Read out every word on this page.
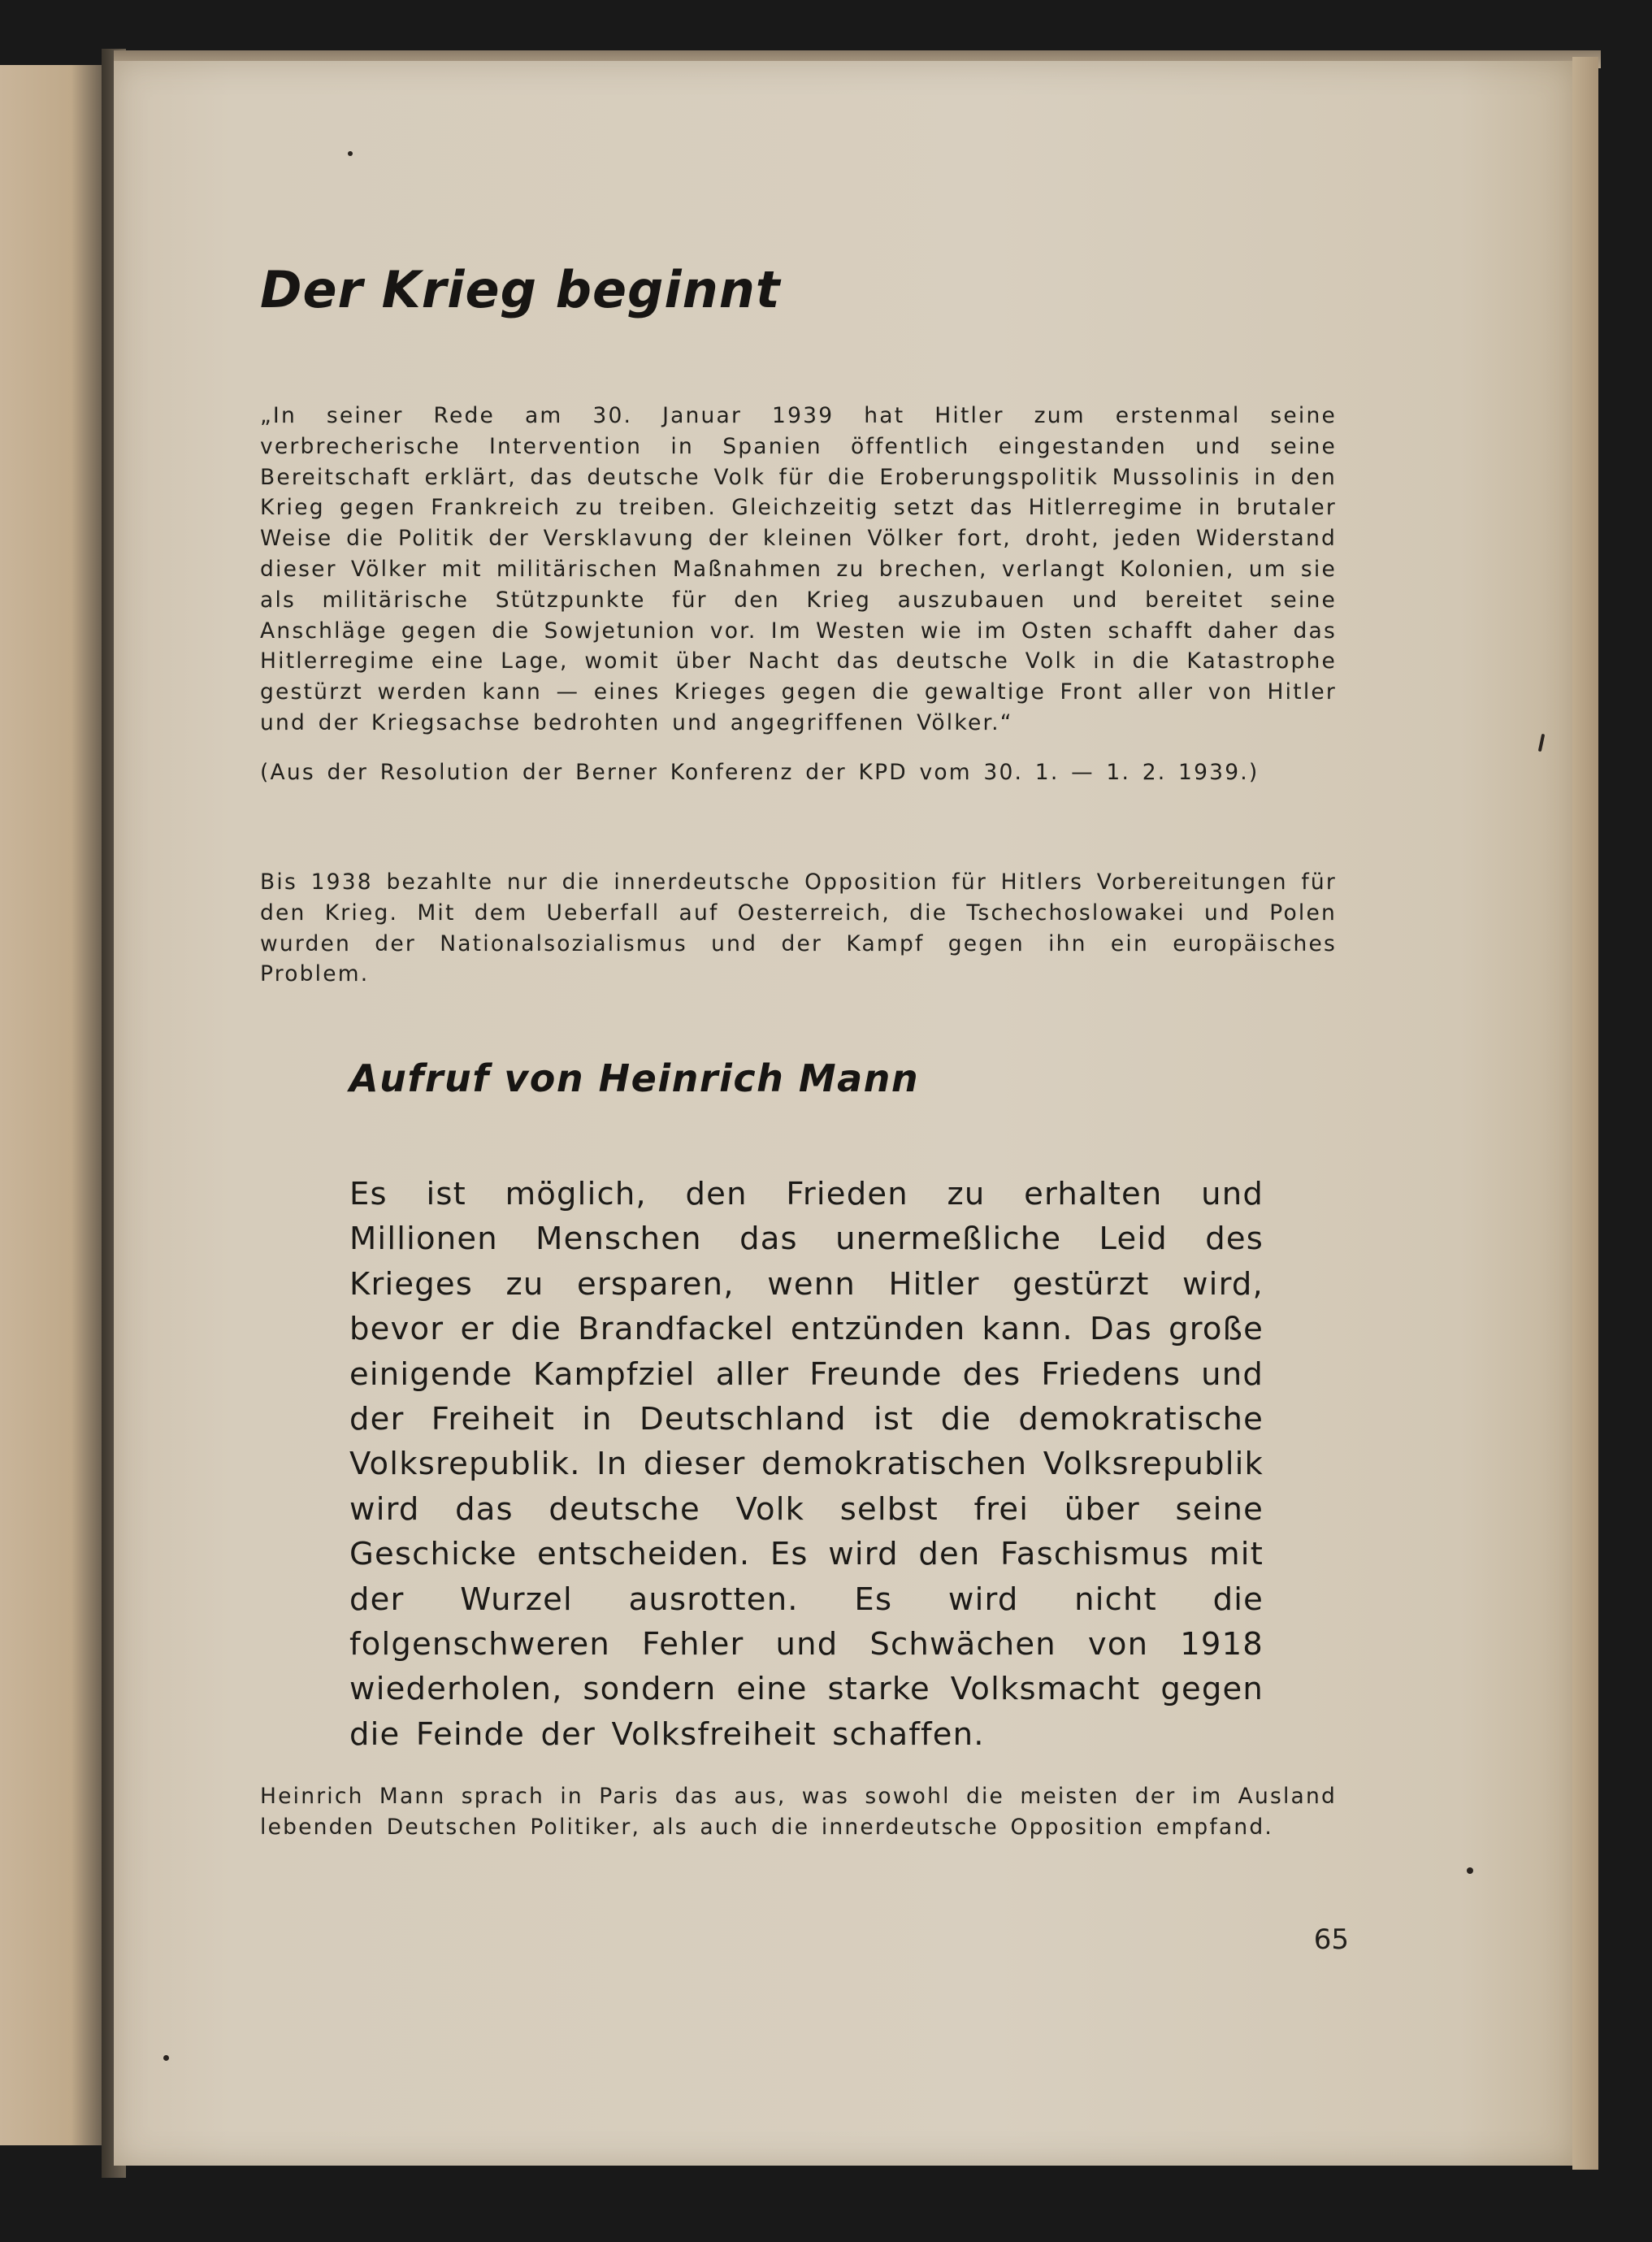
Der Krieg beginnt

„In seiner Rede am 30. Januar 1939 hat Hitler zum erstenmal seine verbrecherische Intervention in Spanien öffentlich eingestanden und seine Bereitschaft erklärt, das deutsche Volk für die Eroberungspolitik Mussolinis in den Krieg gegen Frankreich zu treiben. Gleichzeitig setzt das Hitlerregime in brutaler Weise die Politik der Versklavung der kleinen Völker fort, droht, jeden Widerstand dieser Völker mit militärischen Maßnahmen zu brechen, verlangt Kolonien, um sie als militärische Stützpunkte für den Krieg auszubauen und bereitet seine Anschläge gegen die Sowjetunion vor. Im Westen wie im Osten schafft daher das Hitlerregime eine Lage, womit über Nacht das deutsche Volk in die Katastrophe gestürzt werden kann — eines Krieges gegen die gewaltige Front aller von Hitler und der Kriegsachse bedrohten und angegriffenen Völker.“

(Aus der Resolution der Berner Konferenz der KPD vom 30. 1. — 1. 2. 1939.)

Bis 1938 bezahlte nur die innerdeutsche Opposition für Hitlers Vorbereitungen für den Krieg. Mit dem Ueberfall auf Oesterreich, die Tschechoslowakei und Polen wurden der Nationalsozialismus und der Kampf gegen ihn ein europäisches Problem.

Aufruf von Heinrich Mann

Es ist möglich, den Frieden zu erhalten und Millionen Menschen das unermeßliche Leid des Krieges zu ersparen, wenn Hitler gestürzt wird, bevor er die Brandfackel entzünden kann. Das große einigende Kampfziel aller Freunde des Friedens und der Freiheit in Deutschland ist die demokratische Volksrepublik. In dieser demokratischen Volksrepublik wird das deutsche Volk selbst frei über seine Geschicke entscheiden. Es wird den Faschismus mit der Wurzel ausrotten. Es wird nicht die folgenschweren Fehler und Schwächen von 1918 wiederholen, sondern eine starke Volksmacht gegen die Feinde der Volksfreiheit schaffen.

Heinrich Mann sprach in Paris das aus, was sowohl die meisten der im Ausland lebenden Deutschen Politiker, als auch die innerdeutsche Opposition empfand.

65
